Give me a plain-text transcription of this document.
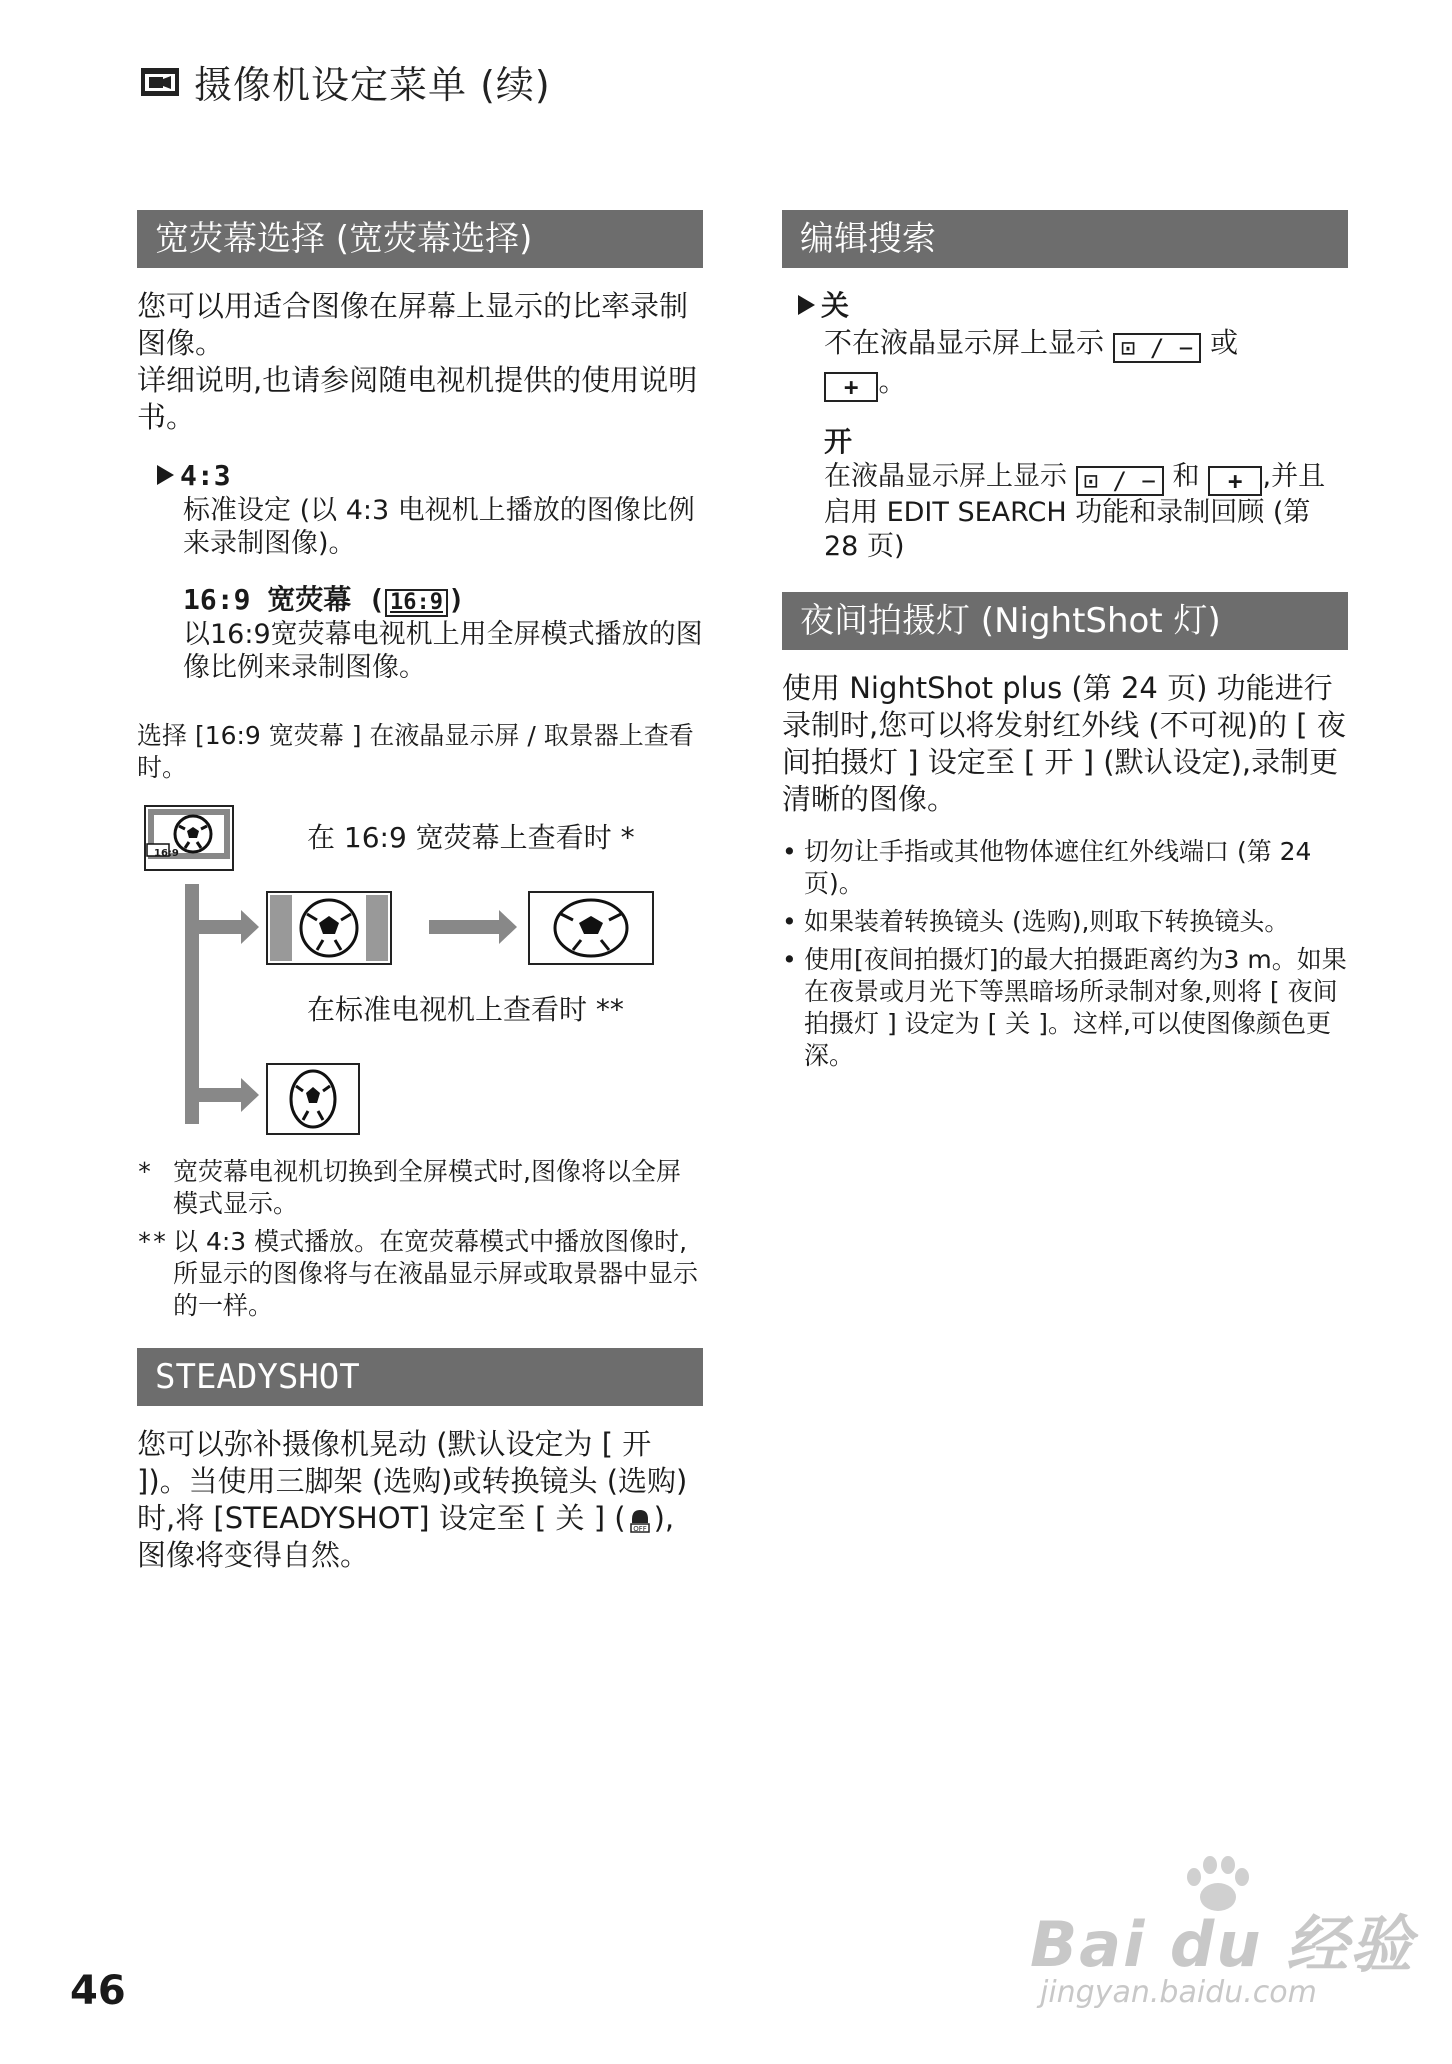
摄像机设定菜单 (续)
宽荧幕选择 (宽荧幕选择)

您可以用适合图像在屏幕上显示的比率录制图像。

详细说明,也请参阅随电视机提供的使用说明书。

4:3
标准设定 (以 4:3 电视机上播放的图像比例来录制图像)。
16:9 宽荧幕 ( 16:9 )
以16:9宽荧幕电视机上用全屏模式播放的图像比例来录制图像。

选择 [16:9 宽荧幕 ] 在液晶显示屏 / 取景器上查看时。

16:9	在 16:9 宽荧幕上查看时 *
在标准电视机上查看时 **
* 宽荧幕电视机切换到全屏模式时,图像将以全屏模式显示。
** 以 4:3 模式播放。在宽荧幕模式中播放图像时,所显示的图像将与在液晶显示屏或取景器中显示的一样。
STEADYSHOT

您可以弥补摄像机晃动 (默认设定为 [ 开 ])。当使用三脚架 (选购)或转换镜头 (选购)时,将 [STEADYSHOT] 设定至 [ 关 ] ( OFF ),图像将变得自然。

编辑搜索
关
不在液晶显示屏上显示 ⊡ / − 或
+ 。
开
在液晶显示屏上显示 ⊡ / − 和 + ,并且启用 EDIT SEARCH 功能和录制回顾 (第 28 页)
夜间拍摄灯 (NightShot 灯)

使用 NightShot plus (第 24 页) 功能进行录制时,您可以将发射红外线 (不可视)的 [ 夜间拍摄灯 ] 设定至 [ 开 ] (默认设定),录制更清晰的图像。

• 切勿让手指或其他物体遮住红外线端口 (第 24 页)。
• 如果装着转换镜头 (选购),则取下转换镜头。
• 使用[夜间拍摄灯]的最大拍摄距离约为3 m。如果在夜景或月光下等黑暗场所录制对象,则将 [ 夜间拍摄灯 ] 设定为 [ 关 ]。这样,可以使图像颜色更深。
46
Bai du 经验
jingyan.baidu.com
